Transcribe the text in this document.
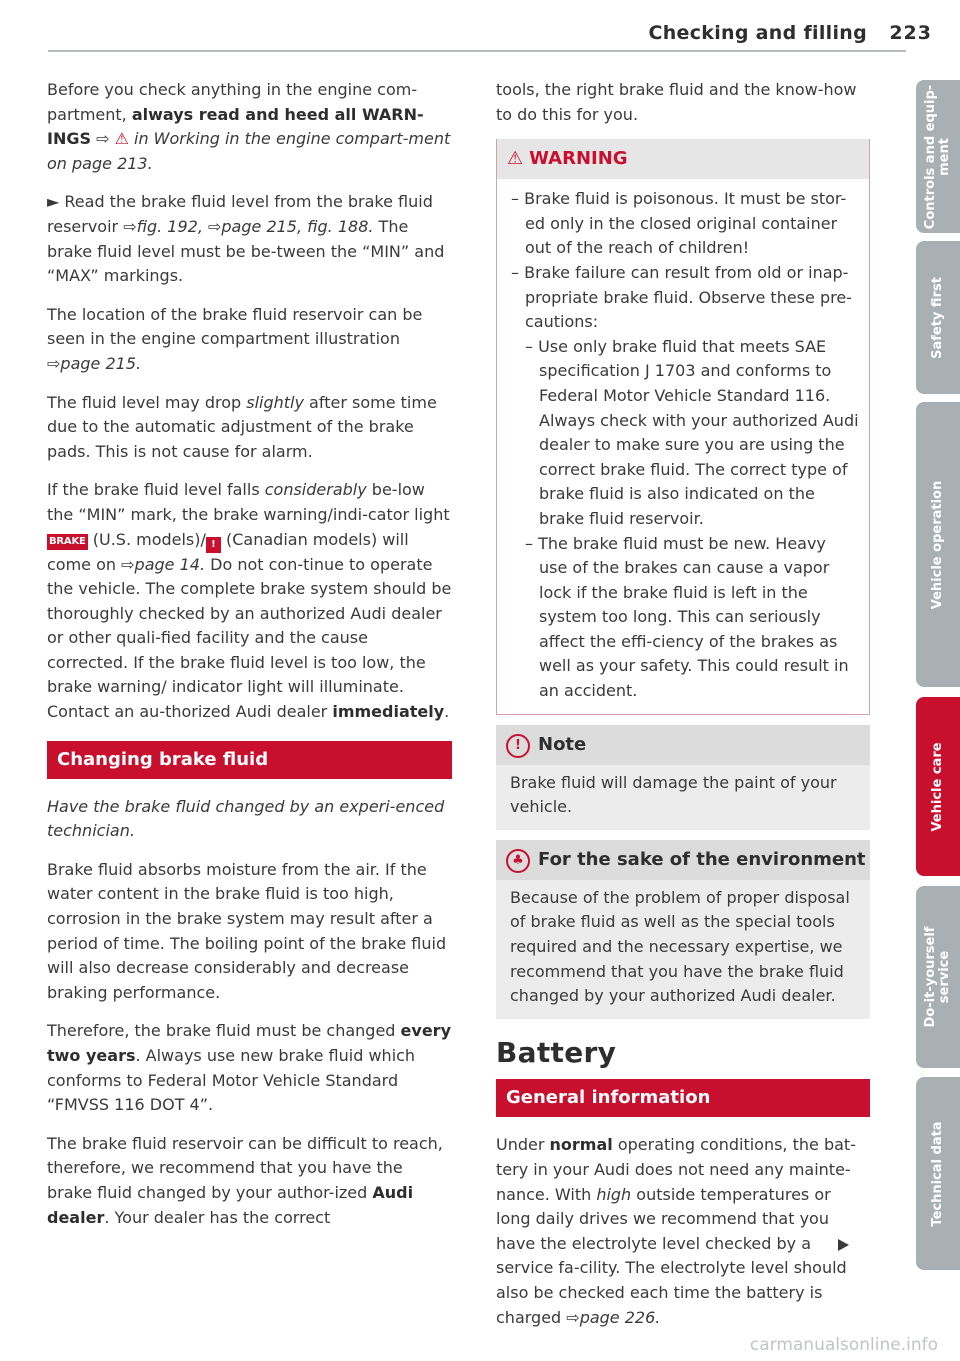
Checking and filling 223

Before you check anything in the engine com-partment, always read and heed all WARN-INGS ⇨ ⚠ in Working in the engine compart-ment on page 213.

► Read the brake fluid level from the brake fluid reservoir ⇨fig. 192, ⇨page 215, fig. 188. The brake fluid level must be be-tween the “MIN” and “MAX” markings.

The location of the brake fluid reservoir can be seen in the engine compartment illustration ⇨page 215.

The fluid level may drop slightly after some time due to the automatic adjustment of the brake pads. This is not cause for alarm.

If the brake fluid level falls considerably be-low the “MIN” mark, the brake warning/indi-cator light BRAKE (U.S. models)/ ! (Canadian models) will come on ⇨page 14. Do not con-tinue to operate the vehicle. The complete brake system should be thoroughly checked by an authorized Audi dealer or other quali-fied facility and the cause corrected. If the brake fluid level is too low, the brake warning/ indicator light will illuminate. Contact an au-thorized Audi dealer immediately.

Changing brake fluid

Have the brake fluid changed by an experi-enced technician.

Brake fluid absorbs moisture from the air. If the water content in the brake fluid is too high, corrosion in the brake system may result after a period of time. The boiling point of the brake fluid will also decrease considerably and decrease braking performance.

Therefore, the brake fluid must be changed every two years. Always use new brake fluid which conforms to Federal Motor Vehicle Standard “FMVSS 116 DOT 4”.

The brake fluid reservoir can be difficult to reach, therefore, we recommend that you have the brake fluid changed by your author-ized Audi dealer. Your dealer has the correct

tools, the right brake fluid and the know-how to do this for you.

⚠ WARNING
– Brake fluid is poisonous. It must be stor-ed only in the closed original container out of the reach of children!
– Brake failure can result from old or inap-propriate brake fluid. Observe these pre-cautions:
– Use only brake fluid that meets SAE specification J 1703 and conforms to Federal Motor Vehicle Standard 116. Always check with your authorized Audi dealer to make sure you are using the correct brake fluid. The correct type of brake fluid is also indicated on the brake fluid reservoir.
– The brake fluid must be new. Heavy use of the brakes can cause a vapor lock if the brake fluid is left in the system too long. This can seriously affect the effi-ciency of the brakes as well as your safety. This could result in an accident.
! Note
Brake fluid will damage the paint of your vehicle.
♣ For the sake of the environment
Because of the problem of proper disposal of brake fluid as well as the special tools required and the necessary expertise, we recommend that you have the brake fluid changed by your authorized Audi dealer.
Battery
General information

Under normal operating conditions, the bat-tery in your Audi does not need any mainte-nance. With high outside temperatures or long daily drives we recommend that you have the electrolyte level checked by a service fa-cility. The electrolyte level should also be checked each time the battery is charged ⇨page 226.

Controls and equip-
ment
Safety first
Vehicle operation
Vehicle care
Do-it-yourself
service
Technical data
carmanualsonline.info
